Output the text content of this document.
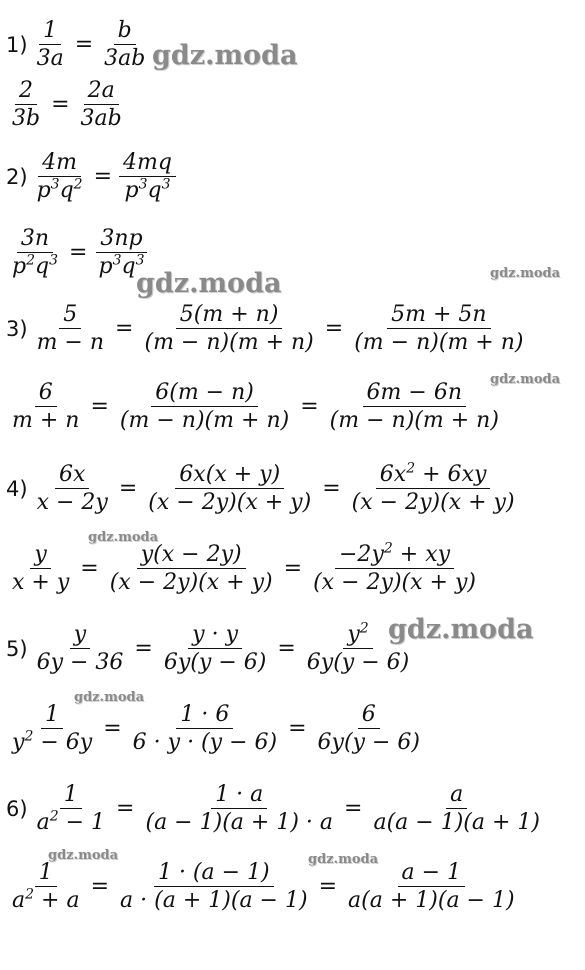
$1) \frac{1}{3a} = \frac{b}{3ab}$
$\frac{2}{3b} = \frac{2a}{3ab}$
$2) \frac{4m}{p^3q^2} = \frac{4mq}{p^3q^3}$
$\frac{3n}{p^2q^3} = \frac{3np}{p^3q^3}$
$3) \frac{5}{m - n} = \frac{5(m + n)}{(m - n)(m + n)} = \frac{5m + 5n}{(m - n)(m + n)}$
$\frac{6}{m + n} = \frac{6(m - n)}{(m - n)(m + n)} = \frac{6m - 6n}{(m - n)(m + n)}$
$4) \frac{6x}{x - 2y} = \frac{6x(x + y)}{(x - 2y)(x + y)} = \frac{6x^2 + 6xy}{(x - 2y)(x + y)}$
$\frac{y}{x + y} = \frac{y(x - 2y)}{(x - 2y)(x + y)} = \frac{-2y^2 + xy}{(x - 2y)(x + y)}$
$5) \frac{y}{6y - 36} = \frac{y \cdot y}{6y(y - 6)} = \frac{y^2}{6y(y - 6)}$
$\frac{1}{y^2 - 6y} = \frac{1 \cdot 6}{6 \cdot y \cdot (y - 6)} = \frac{6}{6y(y - 6)}$
$6) \frac{1}{a^2 - 1} = \frac{1 \cdot a}{(a - 1)(a + 1) \cdot a} = \frac{a}{a(a - 1)(a + 1)}$
$\frac{1}{a^2 + a} = \frac{1 \cdot (a - 1)}{a \cdot (a + 1)(a - 1)} = \frac{a - 1}{a(a + 1)(a - 1)}$
gdz.moda
gdz.moda	gdz.moda
gdz.moda
gdz.moda
gdz.moda
gdz.moda
gdz.moda	gdz.moda
